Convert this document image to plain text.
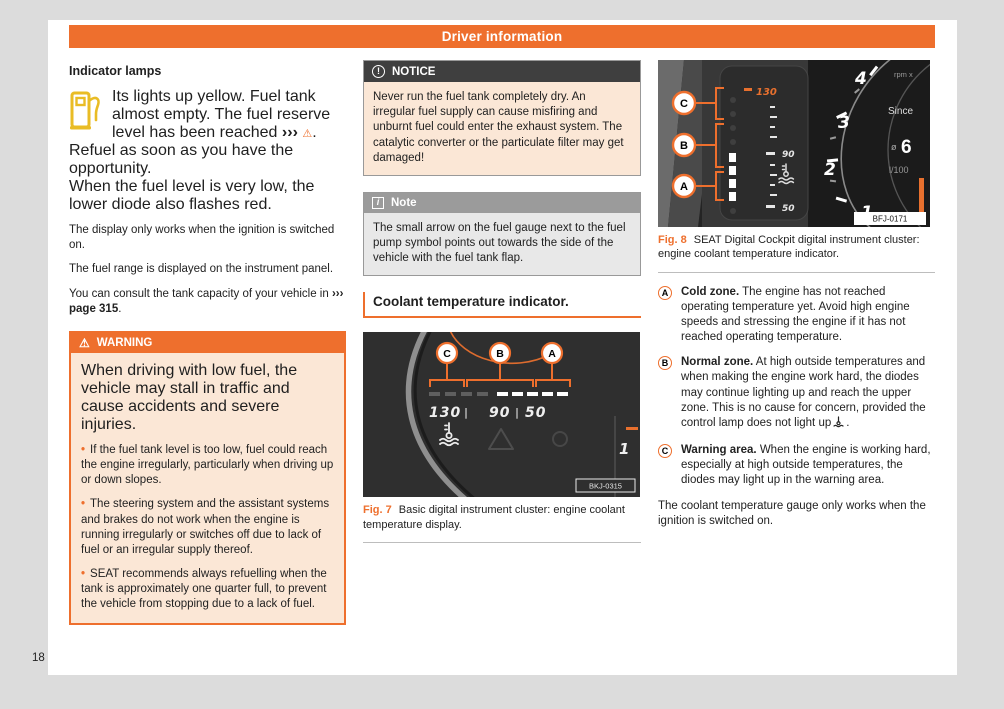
18
Driver information
Indicator lamps
Its lights up yellow. Fuel tank almost empty. The fuel reserve level has been reached ››› ⚠. Refuel as soon as you have the opportunity.
When the fuel level is very low, the lower diode also flashes red.

The display only works when the ignition is switched on.

The fuel range is displayed on the instrument panel.

You can consult the tank capacity of your vehicle in ››› page 315.

⚠ WARNING

When driving with low fuel, the vehicle may stall in traffic and cause accidents and severe injuries.

• If the fuel tank level is too low, fuel could reach the engine irregularly, particularly when driving up or down slopes.

• The steering system and the assistant systems and brakes do not work when the engine is running irregularly or switches off due to lack of fuel or an irregular supply thereof.

• SEAT recommends always refuelling when the tank is approximately one quarter full, to prevent the vehicle from stopping due to a lack of fuel.

!	NOTICE
Never run the fuel tank completely dry. An irregular fuel supply can cause misfiring and unburnt fuel could enter the exhaust system. The catalytic converter or the particulate filter may get damaged!
i	Note
The small arrow on the fuel gauge next to the fuel pump symbol points out towards the side of the vehicle with the fuel tank flap.
Coolant temperature indicator.
C	B	A
130 | 90 | 50
1
BKJ-0315
Fig. 7 Basic digital instrument cluster: engine coolant temperature display.
130
90
50
C
B
A
4
3
2
rpm x
Since
ø 6
l/100
BFJ-0171
Fig. 8 SEAT Digital Cockpit digital instrument cluster: engine coolant temperature indicator.
A	Cold zone. The engine has not reached operating temperature yet. Avoid high engine speeds and stressing the engine if it has not reached operating temperature.
B	Normal zone. At high outside temperatures and when making the engine work hard, the diodes may continue lighting up and reach the upper zone. This is no cause for concern, provided the control lamp does not light up .
C	Warning area. When the engine is working hard, especially at high outside temperatures, the diodes may light up in the warning area.

The coolant temperature gauge only works when the ignition is switched on.
